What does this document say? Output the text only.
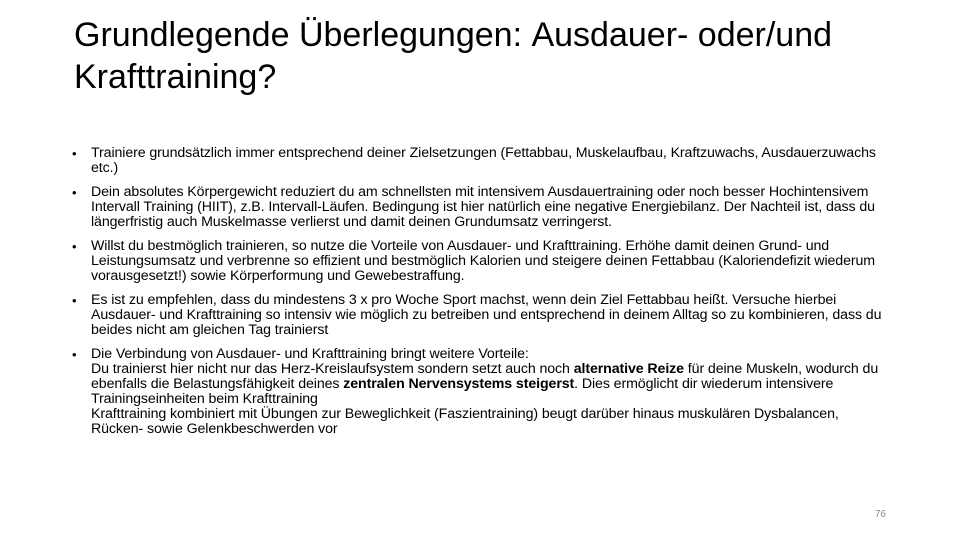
Grundlegende Überlegungen: Ausdauer- oder/und Krafttraining?
• Trainiere grundsätzlich immer entsprechend deiner Zielsetzungen (Fettabbau, Muskelaufbau, Kraftzuwachs, Ausdauerzuwachs etc.)
• Dein absolutes Körpergewicht reduziert du am schnellsten mit intensivem Ausdauertraining oder noch besser Hochintensivem Intervall Training (HIIT), z.B. Intervall-Läufen. Bedingung ist hier natürlich eine negative Energiebilanz. Der Nachteil ist, dass du längerfristig auch Muskelmasse verlierst und damit deinen Grundumsatz verringerst.
• Willst du bestmöglich trainieren, so nutze die Vorteile von Ausdauer- und Krafttraining. Erhöhe damit deinen Grund- und Leistungsumsatz und verbrenne so effizient und bestmöglich Kalorien und steigere deinen Fettabbau (Kaloriendefizit wiederum vorausgesetzt!) sowie Körperformung und Gewebestraffung.
• Es ist zu empfehlen, dass du mindestens 3 x pro Woche Sport machst, wenn dein Ziel Fettabbau heißt. Versuche hierbei Ausdauer- und Krafttraining so intensiv wie möglich zu betreiben und entsprechend in deinem Alltag so zu kombinieren, dass du beides nicht am gleichen Tag trainierst
• Die Verbindung von Ausdauer- und Krafttraining bringt weitere Vorteile:
Du trainierst hier nicht nur das Herz-Kreislaufsystem sondern setzt auch noch alternative Reize für deine Muskeln, wodurch du ebenfalls die Belastungsfähigkeit deines zentralen Nervensystems steigerst. Dies ermöglicht dir wiederum intensivere Trainingseinheiten beim Krafttraining
Krafttraining kombiniert mit Übungen zur Beweglichkeit (Faszientraining) beugt darüber hinaus muskulären Dysbalancen, Rücken- sowie Gelenkbeschwerden vor
76
